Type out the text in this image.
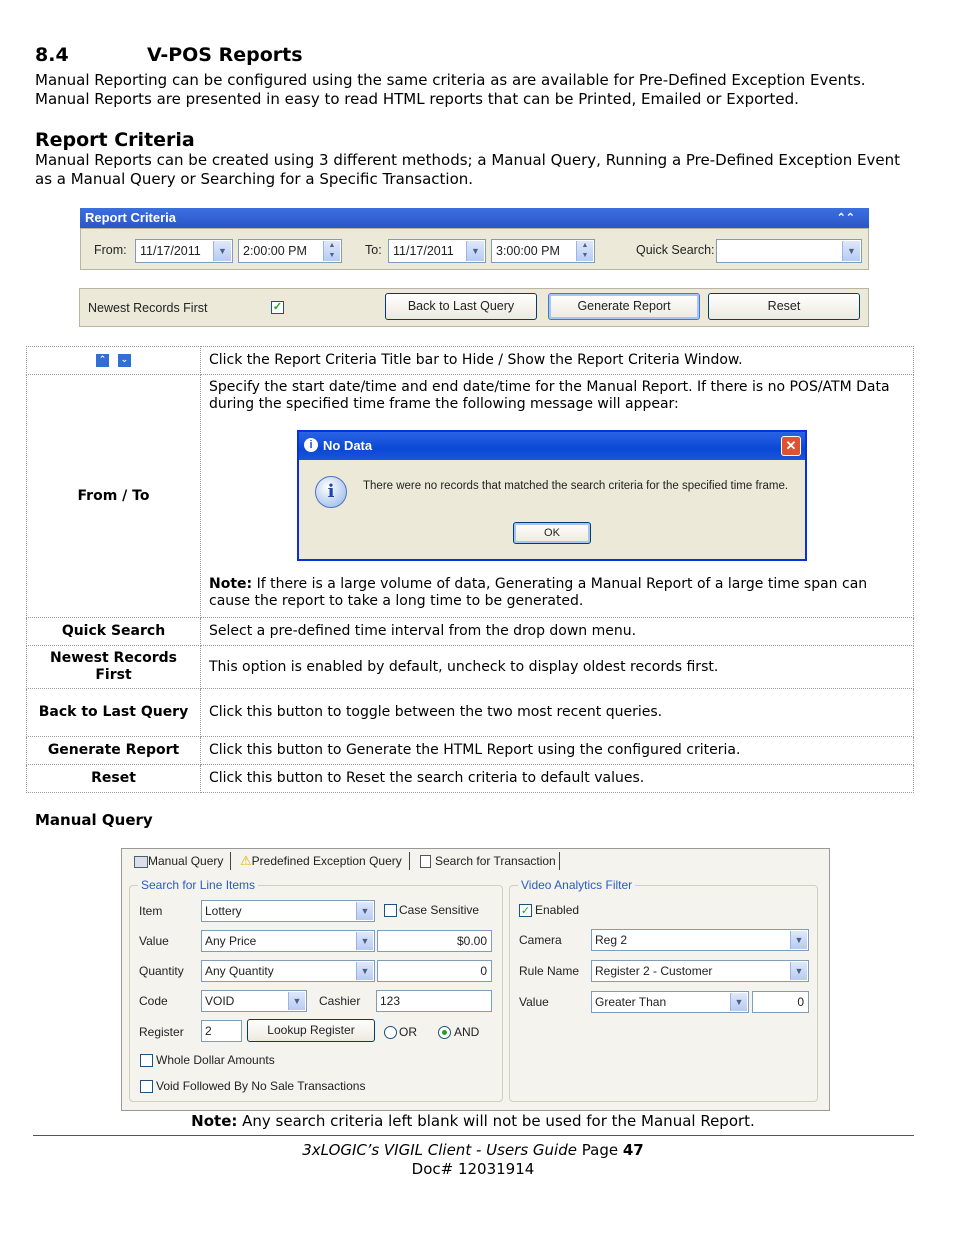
8.4	V-POS Reports
Manual Reporting can be configured using the same criteria as are available for Pre-Defined Exception Events. Manual Reports are presented in easy to read HTML reports that can be Printed, Emailed or Exported.
Report Criteria
Manual Reports can be created using 3 different methods; a Manual Query, Running a Pre-Defined Exception Event as a Manual Query or Searching for a Specific Transaction.
Report Criteria	⌃⌃
From:	11/17/2011	▼	2:00:00 PM	▲
▼	To: 11/17/2011	▼	3:00:00 PM	▲
▼	Quick Search:	▼
Newest Records First	✓	Back to Last Query	Generate Report	Reset
⌃ ⌄	Click the Report Criteria Title bar to Hide / Show the Report Criteria Window.
From / To	Specify the start date/time and end date/time for the Manual Report. If there is no POS/ATM Data during the specified time frame the following message will appear:
Note: If there is a large volume of data, Generating a Manual Report of a large time span can cause the report to take a long time to be generated.

Quick Search	Select a pre-defined time interval from the drop down menu.
Newest Records First	This option is enabled by default, uncheck to display oldest records first.
Back to Last Query	Click this button to toggle between the two most recent queries.
Generate Report	Click this button to Generate the HTML Report using the configured criteria.
Reset	Click this button to Reset the search criteria to default values.
i No Data	✕
i	There were no records that matched the search criteria for the specified time frame.
OK
Manual Query
Manual Query ⚠Predefined Exception Query	Search for Transaction
Search for Line Items
Item	Lottery	▼ Case Sensitive
Value	Any Price	▼	$0.00
Quantity	Any Quantity	▼	0
Code	VOID	▼ Cashier	123
Register	2	Lookup Register	OR	AND
Whole Dollar Amounts
Void Followed By No Sale Transactions
Video Analytics Filter
✓ Enabled
Camera	Reg 2	▼
Rule Name	Register 2 - Customer	▼
Value	Greater Than	▼	0
Note: Any search criteria left blank will not be used for the Manual Report.
3xLOGIC’s VIGIL Client - Users Guide Page 47
Doc# 12031914
